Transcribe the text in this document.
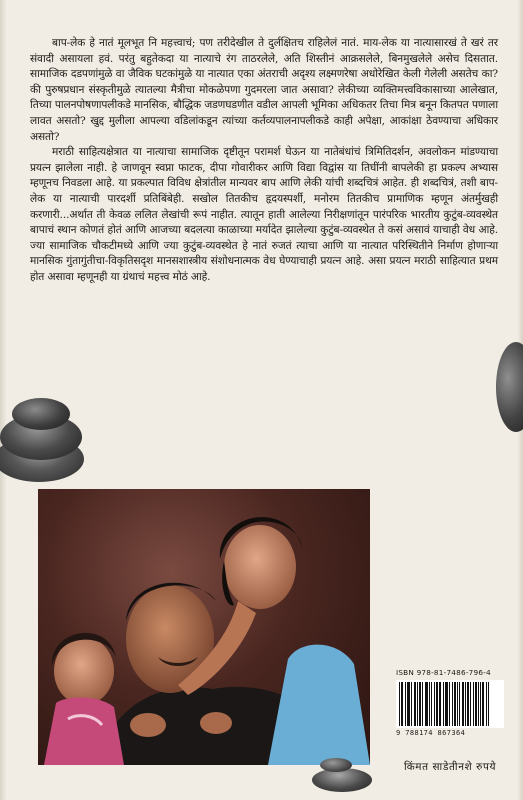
बाप-लेक हे नातं मूलभूत नि महत्त्वाचं; पण तरीदेखील ते दुर्लक्षितच राहिलेलं नातं. माय-लेक या नात्यासारखं ते खरं तर संवादी असायला हवं. परंतु बहुतेकदा या नात्याचे रंग ताठरलेले, अति शिस्तीनं आक्रसलेले, बिनमुखलेले असेच दिसतात. सामाजिक दडपणांमुळे वा जैविक घटकांमुळे या नात्यात एका अंतराची अदृश्य लक्ष्मणरेषा अधोरेखित केली गेलेली असतेच का? की पुरुषप्रधान संस्कृतीमुळे त्यातल्या मैत्रीचा मोकळेपणा गुदमरला जात असावा? लेकीच्या व्यक्तिमत्त्वविकासाच्या आलेखात, तिच्या पालनपोषणापलीकडे मानसिक, बौद्धिक जडणघडणीत वडील आपली भूमिका अधिकतर तिचा मित्र बनून कितपत पणाला लावत असतो? खुद्द मुलीला आपल्या वडिलांकडून त्यांच्या कर्तव्यपालनापलीकडे काही अपेक्षा, आकांक्षा ठेवण्याचा अधिकार असतो?

मराठी साहित्यक्षेत्रात या नात्याचा सामाजिक दृष्टीतून परामर्श घेऊन या नातेबंधांचं त्रिमितिदर्शन, अवलोकन मांडण्याचा प्रयत्न झालेला नाही. हे जाणवून स्वप्ना फाटक, दीपा गोवारीकर आणि विद्या विद्वांस या तिघींनी बापलेकी हा प्रकल्प अभ्यास म्हणूनच निवडला आहे. या प्रकल्पात विविध क्षेत्रांतील मान्यवर बाप आणि लेकी यांची शब्दचित्रं आहेत. ही शब्दचित्रं, तशी बाप-लेक या नात्याची पारदर्शी प्रतिबिंबेही. सखोल तितकीच हृदयस्पर्शी, मनोरम तितकीच प्रामाणिक म्हणून अंतर्मुखही करणारी...अर्थात ती केवळ ललित लेखांची रूपं नाहीत. त्यातून हाती आलेल्या निरीक्षणांतून पारंपरिक भारतीय कुटुंब-व्यवस्थेत बापाचं स्थान कोणतं होतं आणि आजच्या बदलत्या काळाच्या मर्यादेत झालेल्या कुटुंब-व्यवस्थेत ते कसं असावं याचाही वेध आहे. ज्या सामाजिक चौकटीमध्ये आणि ज्या कुटुंब-व्यवस्थेत हे नातं रुजतं त्याचा आणि या नात्यात परिस्थितीने निर्माण होणाऱ्या मानसिक गुंतागुंतीचा-विकृतिसदृश मानसशास्त्रीय संशोधनात्मक वेध घेण्याचाही प्रयत्न आहे. असा प्रयत्न मराठी साहित्यात प्रथम होत असावा म्हणूनही या ग्रंथाचं महत्त्व मोठं आहे.

ISBN 978-81-7486-796-4
9 788174 867364
किंमत साडेतीनशे रुपये
